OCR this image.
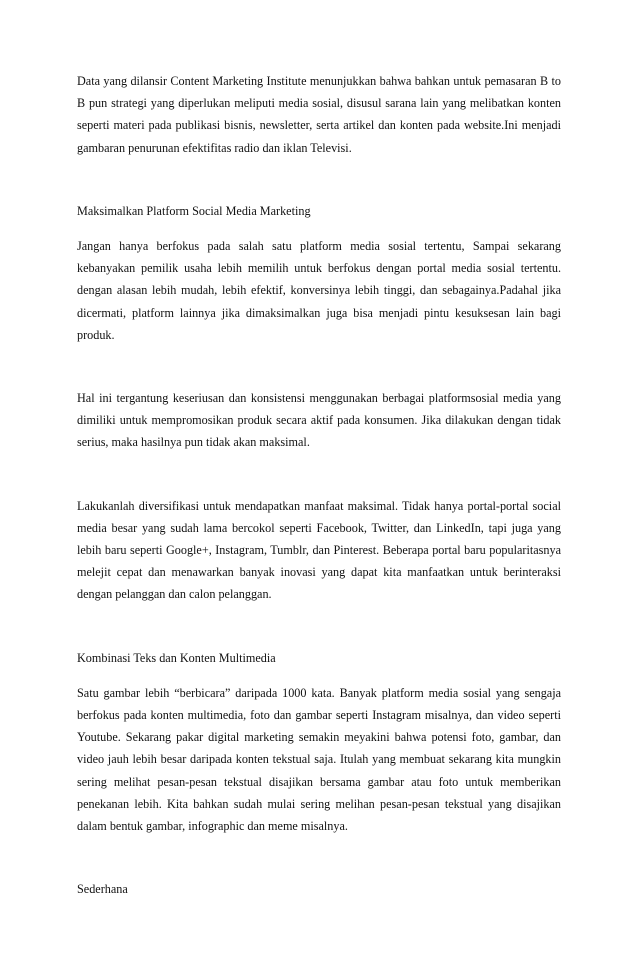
Data yang dilansir Content Marketing Institute menunjukkan bahwa bahkan untuk pemasaran B to B pun strategi yang diperlukan meliputi media sosial, disusul sarana lain yang melibatkan konten seperti materi pada publikasi bisnis, newsletter, serta artikel dan konten pada website.Ini menjadi gambaran penurunan efektifitas radio dan iklan Televisi.

Maksimalkan Platform Social Media Marketing

Jangan hanya berfokus pada salah satu platform media sosial tertentu, Sampai sekarang kebanyakan pemilik usaha lebih memilih untuk berfokus dengan portal media sosial tertentu. dengan alasan lebih mudah, lebih efektif, konversinya lebih tinggi, dan sebagainya.Padahal jika dicermati, platform lainnya jika dimaksimalkan juga bisa menjadi pintu kesuksesan lain bagi produk.

Hal ini tergantung keseriusan dan konsistensi menggunakan berbagai platformsosial media yang dimiliki untuk mempromosikan produk secara aktif pada konsumen. Jika dilakukan dengan tidak serius, maka hasilnya pun tidak akan maksimal.

Lakukanlah diversifikasi untuk mendapatkan manfaat maksimal. Tidak hanya portal-portal social media besar yang sudah lama bercokol seperti Facebook, Twitter, dan LinkedIn, tapi juga yang lebih baru seperti Google+, Instagram, Tumblr, dan Pinterest. Beberapa portal baru popularitasnya melejit cepat dan menawarkan banyak inovasi yang dapat kita manfaatkan untuk berinteraksi dengan pelanggan dan calon pelanggan.

Kombinasi Teks dan Konten Multimedia

Satu gambar lebih “berbicara” daripada 1000 kata. Banyak platform media sosial yang sengaja berfokus pada konten multimedia, foto dan gambar seperti Instagram misalnya, dan video seperti Youtube. Sekarang pakar digital marketing semakin meyakini bahwa potensi foto, gambar, dan video jauh lebih besar daripada konten tekstual saja. Itulah yang membuat sekarang kita mungkin sering melihat pesan-pesan tekstual disajikan bersama gambar atau foto untuk memberikan penekanan lebih. Kita bahkan sudah mulai sering melihan pesan-pesan tekstual yang disajikan dalam bentuk gambar, infographic dan meme misalnya.

Sederhana
